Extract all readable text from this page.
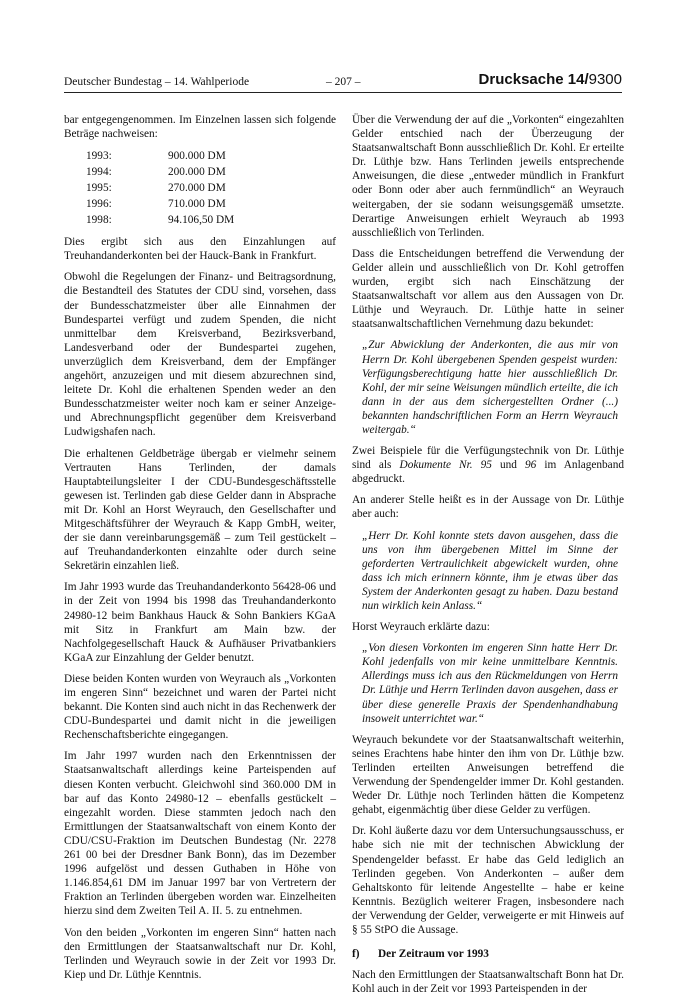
Deutscher Bundestag – 14. Wahlperiode	– 207 –	Drucksache 14/9300

bar entgegengenommen. Im Einzelnen lassen sich folgende Beträge nachweisen:

1993:	900.000 DM
1994:	200.000 DM
1995:	270.000 DM
1996:	710.000 DM
1998:	94.106,50 DM

Dies ergibt sich aus den Einzahlungen auf Treuhandanderkonten bei der Hauck-Bank in Frankfurt.

Obwohl die Regelungen der Finanz- und Beitragsordnung, die Bestandteil des Statutes der CDU sind, vorsehen, dass der Bundesschatzmeister über alle Einnahmen der Bundespartei verfügt und zudem Spenden, die nicht unmittelbar dem Kreisverband, Bezirksverband, Landesverband oder der Bundespartei zugehen, unverzüglich dem Kreisverband, dem der Empfänger angehört, anzuzeigen und mit diesem abzurechnen sind, leitete Dr. Kohl die erhaltenen Spenden weder an den Bundesschatzmeister weiter noch kam er seiner Anzeige- und Abrechnungspflicht gegenüber dem Kreisverband Ludwigshafen nach.

Die erhaltenen Geldbeträge übergab er vielmehr seinem Vertrauten Hans Terlinden, der damals Hauptabteilungsleiter I der CDU-Bundesgeschäftsstelle gewesen ist. Terlinden gab diese Gelder dann in Absprache mit Dr. Kohl an Horst Weyrauch, den Gesellschafter und Mitgeschäftsführer der Weyrauch & Kapp GmbH, weiter, der sie dann vereinbarungsgemäß – zum Teil gestückelt – auf Treuhandanderkonten einzahlte oder durch seine Sekretärin einzahlen ließ.

Im Jahr 1993 wurde das Treuhandanderkonto 56428-06 und in der Zeit von 1994 bis 1998 das Treuhandanderkonto 24980-12 beim Bankhaus Hauck & Sohn Bankiers KGaA mit Sitz in Frankfurt am Main bzw. der Nachfolgegesellschaft Hauck & Aufhäuser Privatbankiers KGaA zur Einzahlung der Gelder benutzt.

Diese beiden Konten wurden von Weyrauch als „Vorkonten im engeren Sinn“ bezeichnet und waren der Partei nicht bekannt. Die Konten sind auch nicht in das Rechenwerk der CDU-Bundespartei und damit nicht in die jeweiligen Rechenschaftsberichte eingegangen.

Im Jahr 1997 wurden nach den Erkenntnissen der Staatsanwaltschaft allerdings keine Parteispenden auf diesen Konten verbucht. Gleichwohl sind 360.000 DM in bar auf das Konto 24980-12 – ebenfalls gestückelt – eingezahlt worden. Diese stammten jedoch nach den Ermittlungen der Staatsanwaltschaft von einem Konto der CDU/CSU-Fraktion im Deutschen Bundestag (Nr. 2278 261 00 bei der Dresdner Bank Bonn), das im Dezember 1996 aufgelöst und dessen Guthaben in Höhe von 1.146.854,61 DM im Januar 1997 bar von Vertretern der Fraktion an Terlinden übergeben worden war. Einzelheiten hierzu sind dem Zweiten Teil A. II. 5. zu entnehmen.

Von den beiden „Vorkonten im engeren Sinn“ hatten nach den Ermittlungen der Staatsanwaltschaft nur Dr. Kohl, Terlinden und Weyrauch sowie in der Zeit vor 1993 Dr. Kiep und Dr. Lüthje Kenntnis.

Über die Verwendung der auf die „Vorkonten“ eingezahlten Gelder entschied nach der Überzeugung der Staatsanwaltschaft Bonn ausschließlich Dr. Kohl. Er erteilte Dr. Lüthje bzw. Hans Terlinden jeweils entsprechende Anweisungen, die diese „entweder mündlich in Frankfurt oder Bonn oder aber auch fernmündlich“ an Weyrauch weitergaben, der sie sodann weisungsgemäß umsetzte. Derartige Anweisungen erhielt Weyrauch ab 1993 ausschließlich von Terlinden.

Dass die Entscheidungen betreffend die Verwendung der Gelder allein und ausschließlich von Dr. Kohl getroffen wurden, ergibt sich nach Einschätzung der Staatsanwaltschaft vor allem aus den Aussagen von Dr. Lüthje und Weyrauch. Dr. Lüthje hatte in seiner staatsanwaltschaftlichen Vernehmung dazu bekundet:

„Zur Abwicklung der Anderkonten, die aus mir von Herrn Dr. Kohl übergebenen Spenden gespeist wurden: Verfügungsberechtigung hatte hier ausschließlich Dr. Kohl, der mir seine Weisungen mündlich erteilte, die ich dann in der aus dem sichergestellten Ordner (...) bekannten handschriftlichen Form an Herrn Weyrauch weitergab.“

Zwei Beispiele für die Verfügungstechnik von Dr. Lüthje sind als Dokumente Nr. 95 und 96 im Anlagenband abgedruckt.

An anderer Stelle heißt es in der Aussage von Dr. Lüthje aber auch:

„Herr Dr. Kohl konnte stets davon ausgehen, dass die uns von ihm übergebenen Mittel im Sinne der geforderten Vertraulichkeit abgewickelt wurden, ohne dass ich mich erinnern könnte, ihm je etwas über das System der Anderkonten gesagt zu haben. Dazu bestand nun wirklich kein Anlass.“

Horst Weyrauch erklärte dazu:

„Von diesen Vorkonten im engeren Sinn hatte Herr Dr. Kohl jedenfalls von mir keine unmittelbare Kenntnis. Allerdings muss ich aus den Rückmeldungen von Herrn Dr. Lüthje und Herrn Terlinden davon ausgehen, dass er über diese generelle Praxis der Spendenhandhabung insoweit unterrichtet war.“

Weyrauch bekundete vor der Staatsanwaltschaft weiterhin, seines Erachtens habe hinter den ihm von Dr. Lüthje bzw. Terlinden erteilten Anweisungen betreffend die Verwendung der Spendengelder immer Dr. Kohl gestanden. Weder Dr. Lüthje noch Terlinden hätten die Kompetenz gehabt, eigenmächtig über diese Gelder zu verfügen.

Dr. Kohl äußerte dazu vor dem Untersuchungsausschuss, er habe sich nie mit der technischen Abwicklung der Spendengelder befasst. Er habe das Geld lediglich an Terlinden gegeben. Von Anderkonten – außer dem Gehaltskonto für leitende Angestellte – habe er keine Kenntnis. Bezüglich weiterer Fragen, insbesondere nach der Verwendung der Gelder, verweigerte er mit Hinweis auf § 55 StPO die Aussage.

f) Der Zeitraum vor 1993

Nach den Ermittlungen der Staatsanwaltschaft Bonn hat Dr. Kohl auch in der Zeit vor 1993 Parteispenden in der
